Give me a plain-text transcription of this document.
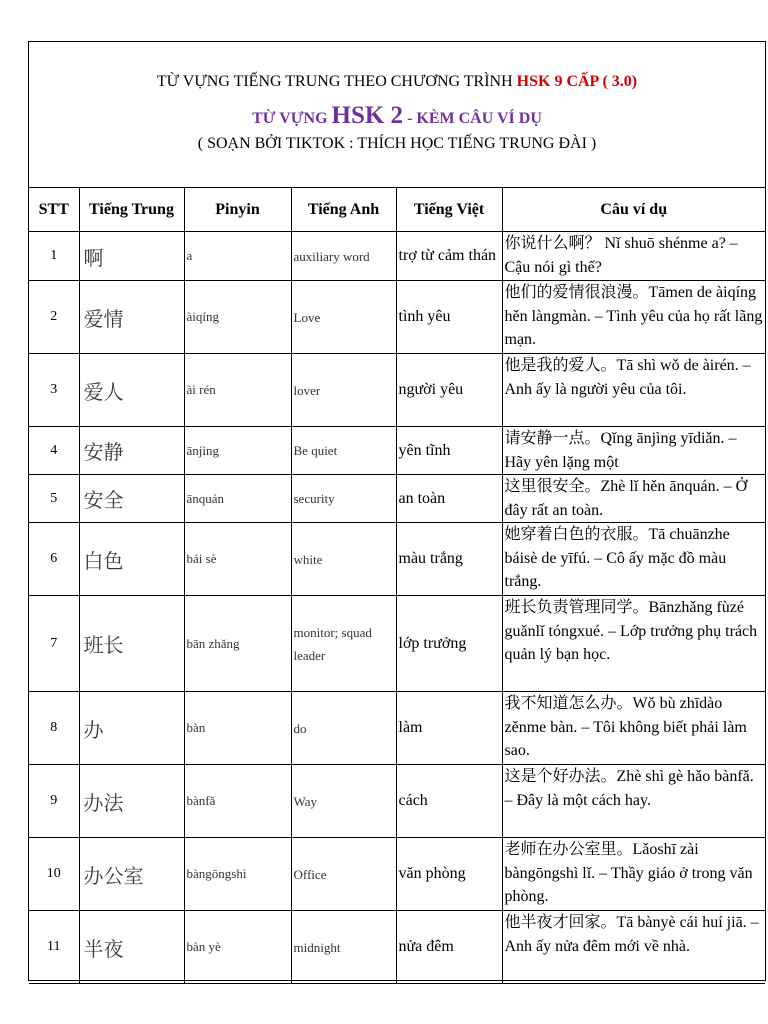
TỪ VỰNG TIẾNG TRUNG THEO CHƯƠNG TRÌNH HSK 9 CẤP ( 3.0)
TỪ VỰNG HSK 2 - KÈM CÂU VÍ DỤ
( SOẠN BỞI TIKTOK : THÍCH HỌC TIẾNG TRUNG ĐÀI )
STT	Tiếng Trung	Pinyin	Tiếng Anh	Tiếng Việt	Câu ví dụ
1	啊	a	auxiliary word	trợ từ cảm thán	你说什么啊？ Nǐ shuō shénme a? – Cậu nói gì thế?
2	爱情	àiqíng	Love	tình yêu	他们的爱情很浪漫。Tāmen de àiqíng hěn làngmàn. – Tình yêu của họ rất lãng mạn.
3	爱人	ài rén	lover	người yêu	他是我的爱人。Tā shì wǒ de àirén. – Anh ấy là người yêu của tôi.
4	安静	ānjìng	Be quiet	yên tĩnh	请安静一点。Qǐng ānjìng yīdiǎn. – Hãy yên lặng một
5	安全	ānquán	security	an toàn	这里很安全。Zhè lǐ hěn ānquán. – Ở đây rất an toàn.
6	白色	bái sè	white	màu trắng	她穿着白色的衣服。Tā chuānzhe báisè de yīfú. – Cô ấy mặc đồ màu trắng.
7	班长	bān zhǎng	monitor; squad leader	lớp trưởng	班长负责管理同学。Bānzhǎng fùzé guǎnlǐ tóngxué. – Lớp trưởng phụ trách quản lý bạn học.
8	办	bàn	do	làm	我不知道怎么办。Wǒ bù zhīdào zěnme bàn. – Tôi không biết phải làm sao.
9	办法	bànfǎ	Way	cách	这是个好办法。Zhè shì gè hǎo bànfǎ. – Đây là một cách hay.
10	办公室	bàngōngshì	Office	văn phòng	老师在办公室里。Lǎoshī zài bàngōngshì lǐ. – Thầy giáo ở trong văn phòng.
11	半夜	bàn yè	midnight	nửa đêm	他半夜才回家。Tā bànyè cái huí jiā. – Anh ấy nửa đêm mới về nhà.
